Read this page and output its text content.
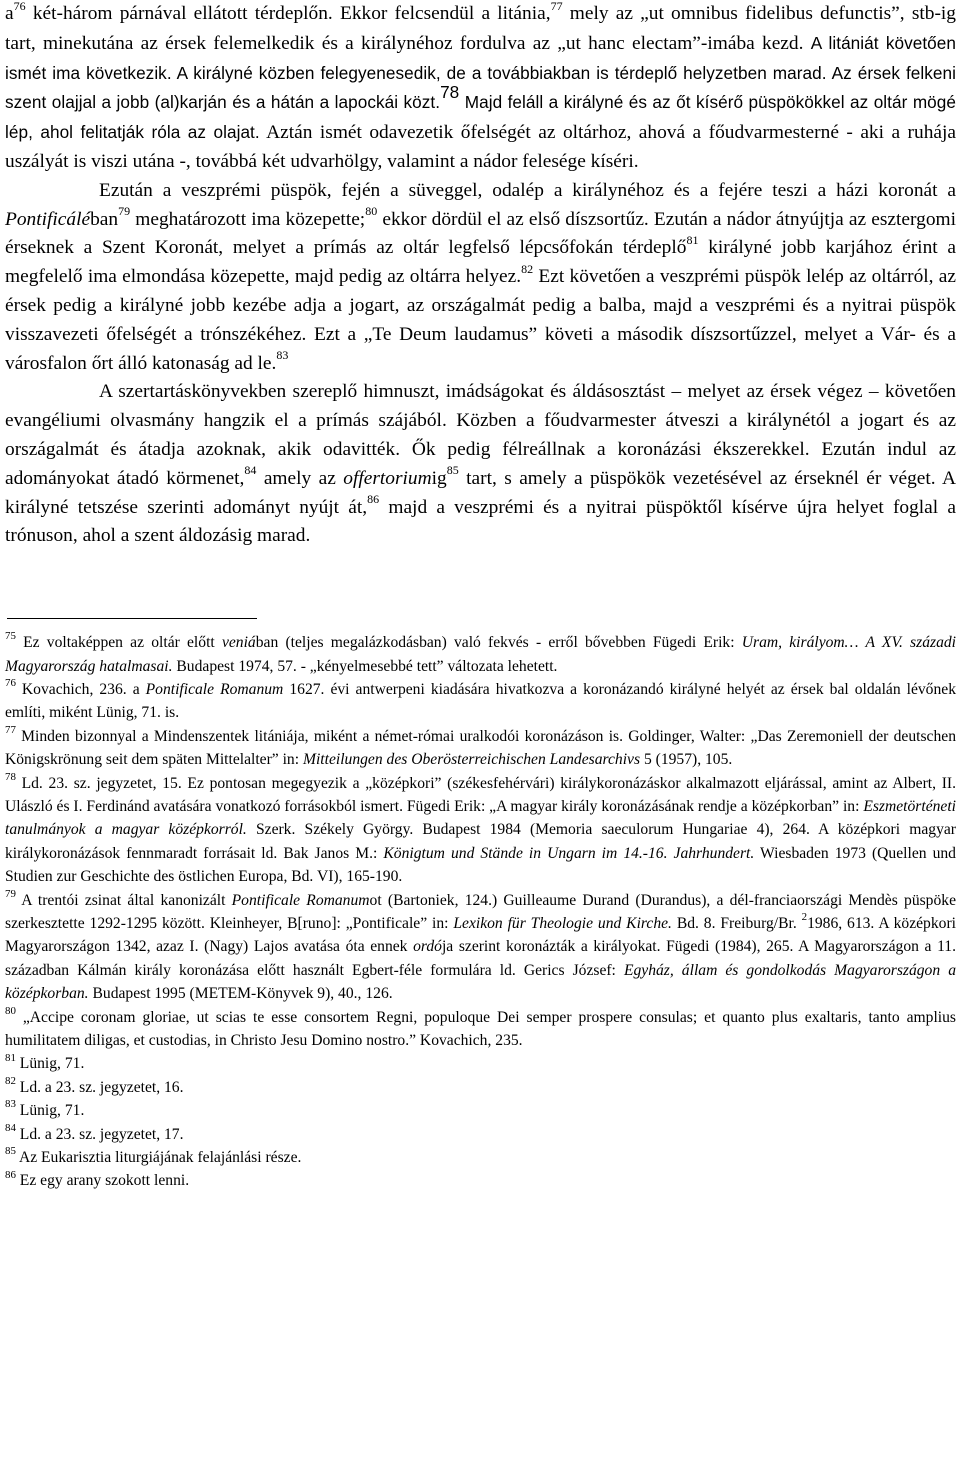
$a^{76}$ két-három párnával ellátott térdeplőn. Ekkor felcsendül a litánia,$^{77}$ mely az „ut omnibus fidelibus defunctis”, stb-ig tart, minekutána az érsek felemelkedik és a királynéhoz fordulva az „ut hanc electam”-imába kezd. A litániát követően ismét ima következik. A királyné közben felegyenesedik, de a továbbiakban is térdeplő helyzetben marad. Az érsek felkeni szent olajjal a jobb (al)karján és a hátán a lapockái közt.$^{78}$ Majd feláll a királyné és az őt kísérő püspökökkel az oltár mögé lép, ahol felitatják róla az olajat. Aztán ismét odavezetik őfelségét az oltárhoz, ahová a főudvarmesterné - aki a ruhája uszályát is viszi utána -, továbbá két udvarhölgy, valamint a nádor felesége kíséri.

Ezután a veszprémi püspök, fején a süveggel, odalép a királynéhoz és a fejére teszi a házi koronát a Pontificáléban$^{79}$ meghatározott ima közepette;$^{80}$ ekkor dördül el az első díszsortűz. Ezután a nádor átnyújtja az esztergomi érseknek a Szent Koronát, melyet a prímás az oltár legfelső lépcsőfokán térdeplő$^{81}$ királyné jobb karjához érint a megfelelő ima elmondása közepette, majd pedig az oltárra helyez.$^{82}$ Ezt követően a veszprémi püspök lelép az oltárról, az érsek pedig a királyné jobb kezébe adja a jogart, az országalmát pedig a balba, majd a veszprémi és a nyitrai püspök visszavezeti őfelségét a trónszékéhez. Ezt a „Te Deum laudamus” követi a második díszsortűzzel, melyet a Vár- és a városfalon őrt álló katonaság ad le.$^{83}$

A szertartáskönyvekben szereplő himnuszt, imádságokat és áldásosztást – melyet az érsek végez – követően evangéliumi olvasmány hangzik el a prímás szájából. Közben a főudvarmester átveszi a királynétól a jogart és az országalmát és átadja azoknak, akik odavitték. Ők pedig félreállnak a koronázási ékszerekkel. Ezután indul az adományokat átadó körmenet,$^{84}$ amely az offertoriumig$^{85}$ tart, s amely a püspökök vezetésével az érseknél ér véget. A királyné tetszése szerinti adományt nyújt át,$^{86}$ majd a veszprémi és a nyitrai püspöktől kísérve újra helyet foglal a trónuson, ahol a szent áldozásig marad.

$^{75}$ Ez voltaképpen az oltár előtt veniában (teljes megalázkodásban) való fekvés - erről bővebben Fügedi Erik: Uram, királyom… A XV. századi Magyarország hatalmasai. Budapest 1974, 57. - „kényelmesebbé tett” változata lehetett.

$^{76}$ Kovachich, 236. a Pontificale Romanum 1627. évi antwerpeni kiadására hivatkozva a koronázandó királyné helyét az érsek bal oldalán lévőnek említi, miként Lünig, 71. is.

$^{77}$ Minden bizonnyal a Mindenszentek litániája, miként a német-római uralkodói koronázáson is. Goldinger, Walter: „Das Zeremoniell der deutschen Königskrönung seit dem späten Mittelalter” in: Mitteilungen des Oberösterreichischen Landesarchivs 5 (1957), 105.

$^{78}$ Ld. 23. sz. jegyzetet, 15. Ez pontosan megegyezik a „középkori” (székesfehérvári) királykoronázáskor alkalmazott eljárással, amint az Albert, II. Ulászló és I. Ferdinánd avatására vonatkozó forrásokból ismert. Fügedi Erik: „A magyar király koronázásának rendje a középkorban” in: Eszmetörténeti tanulmányok a magyar középkorról. Szerk. Székely György. Budapest 1984 (Memoria saeculorum Hungariae 4), 264. A középkori magyar királykoronázások fennmaradt forrásait ld. Bak Janos M.: Königtum und Stände in Ungarn im 14.-16. Jahrhundert. Wiesbaden 1973 (Quellen und Studien zur Geschichte des östlichen Europa, Bd. VI), 165-190.

$^{79}$ A trentói zsinat által kanonizált Pontificale Romanumot (Bartoniek, 124.) Guilleaume Durand (Durandus), a dél-franciaországi Mendès püspöke szerkesztette 1292-1295 között. Kleinheyer, B[runo]: „Pontificale” in: Lexikon für Theologie und Kirche. Bd. 8. Freiburg/Br. $^2$1986, 613. A középkori Magyarországon 1342, azaz I. (Nagy) Lajos avatása óta ennek ordója szerint koronázták a királyokat. Fügedi (1984), 265. A Magyarországon a 11. században Kálmán király koronázása előtt használt Egbert-féle formulára ld. Gerics József: Egyház, állam és gondolkodás Magyarországon a középkorban. Budapest 1995 (METEM-Könyvek 9), 40., 126.

$^{80}$ „Accipe coronam gloriae, ut scias te esse consortem Regni, populoque Dei semper prospere consulas; et quanto plus exaltaris, tanto amplius humilitatem diligas, et custodias, in Christo Jesu Domino nostro.” Kovachich, 235.

$^{81}$ Lünig, 71.

$^{82}$ Ld. a 23. sz. jegyzetet, 16.

$^{83}$ Lünig, 71.

$^{84}$ Ld. a 23. sz. jegyzetet, 17.

$^{85}$ Az Eukarisztia liturgiájának felajánlási része.

$^{86}$ Ez egy arany szokott lenni.
